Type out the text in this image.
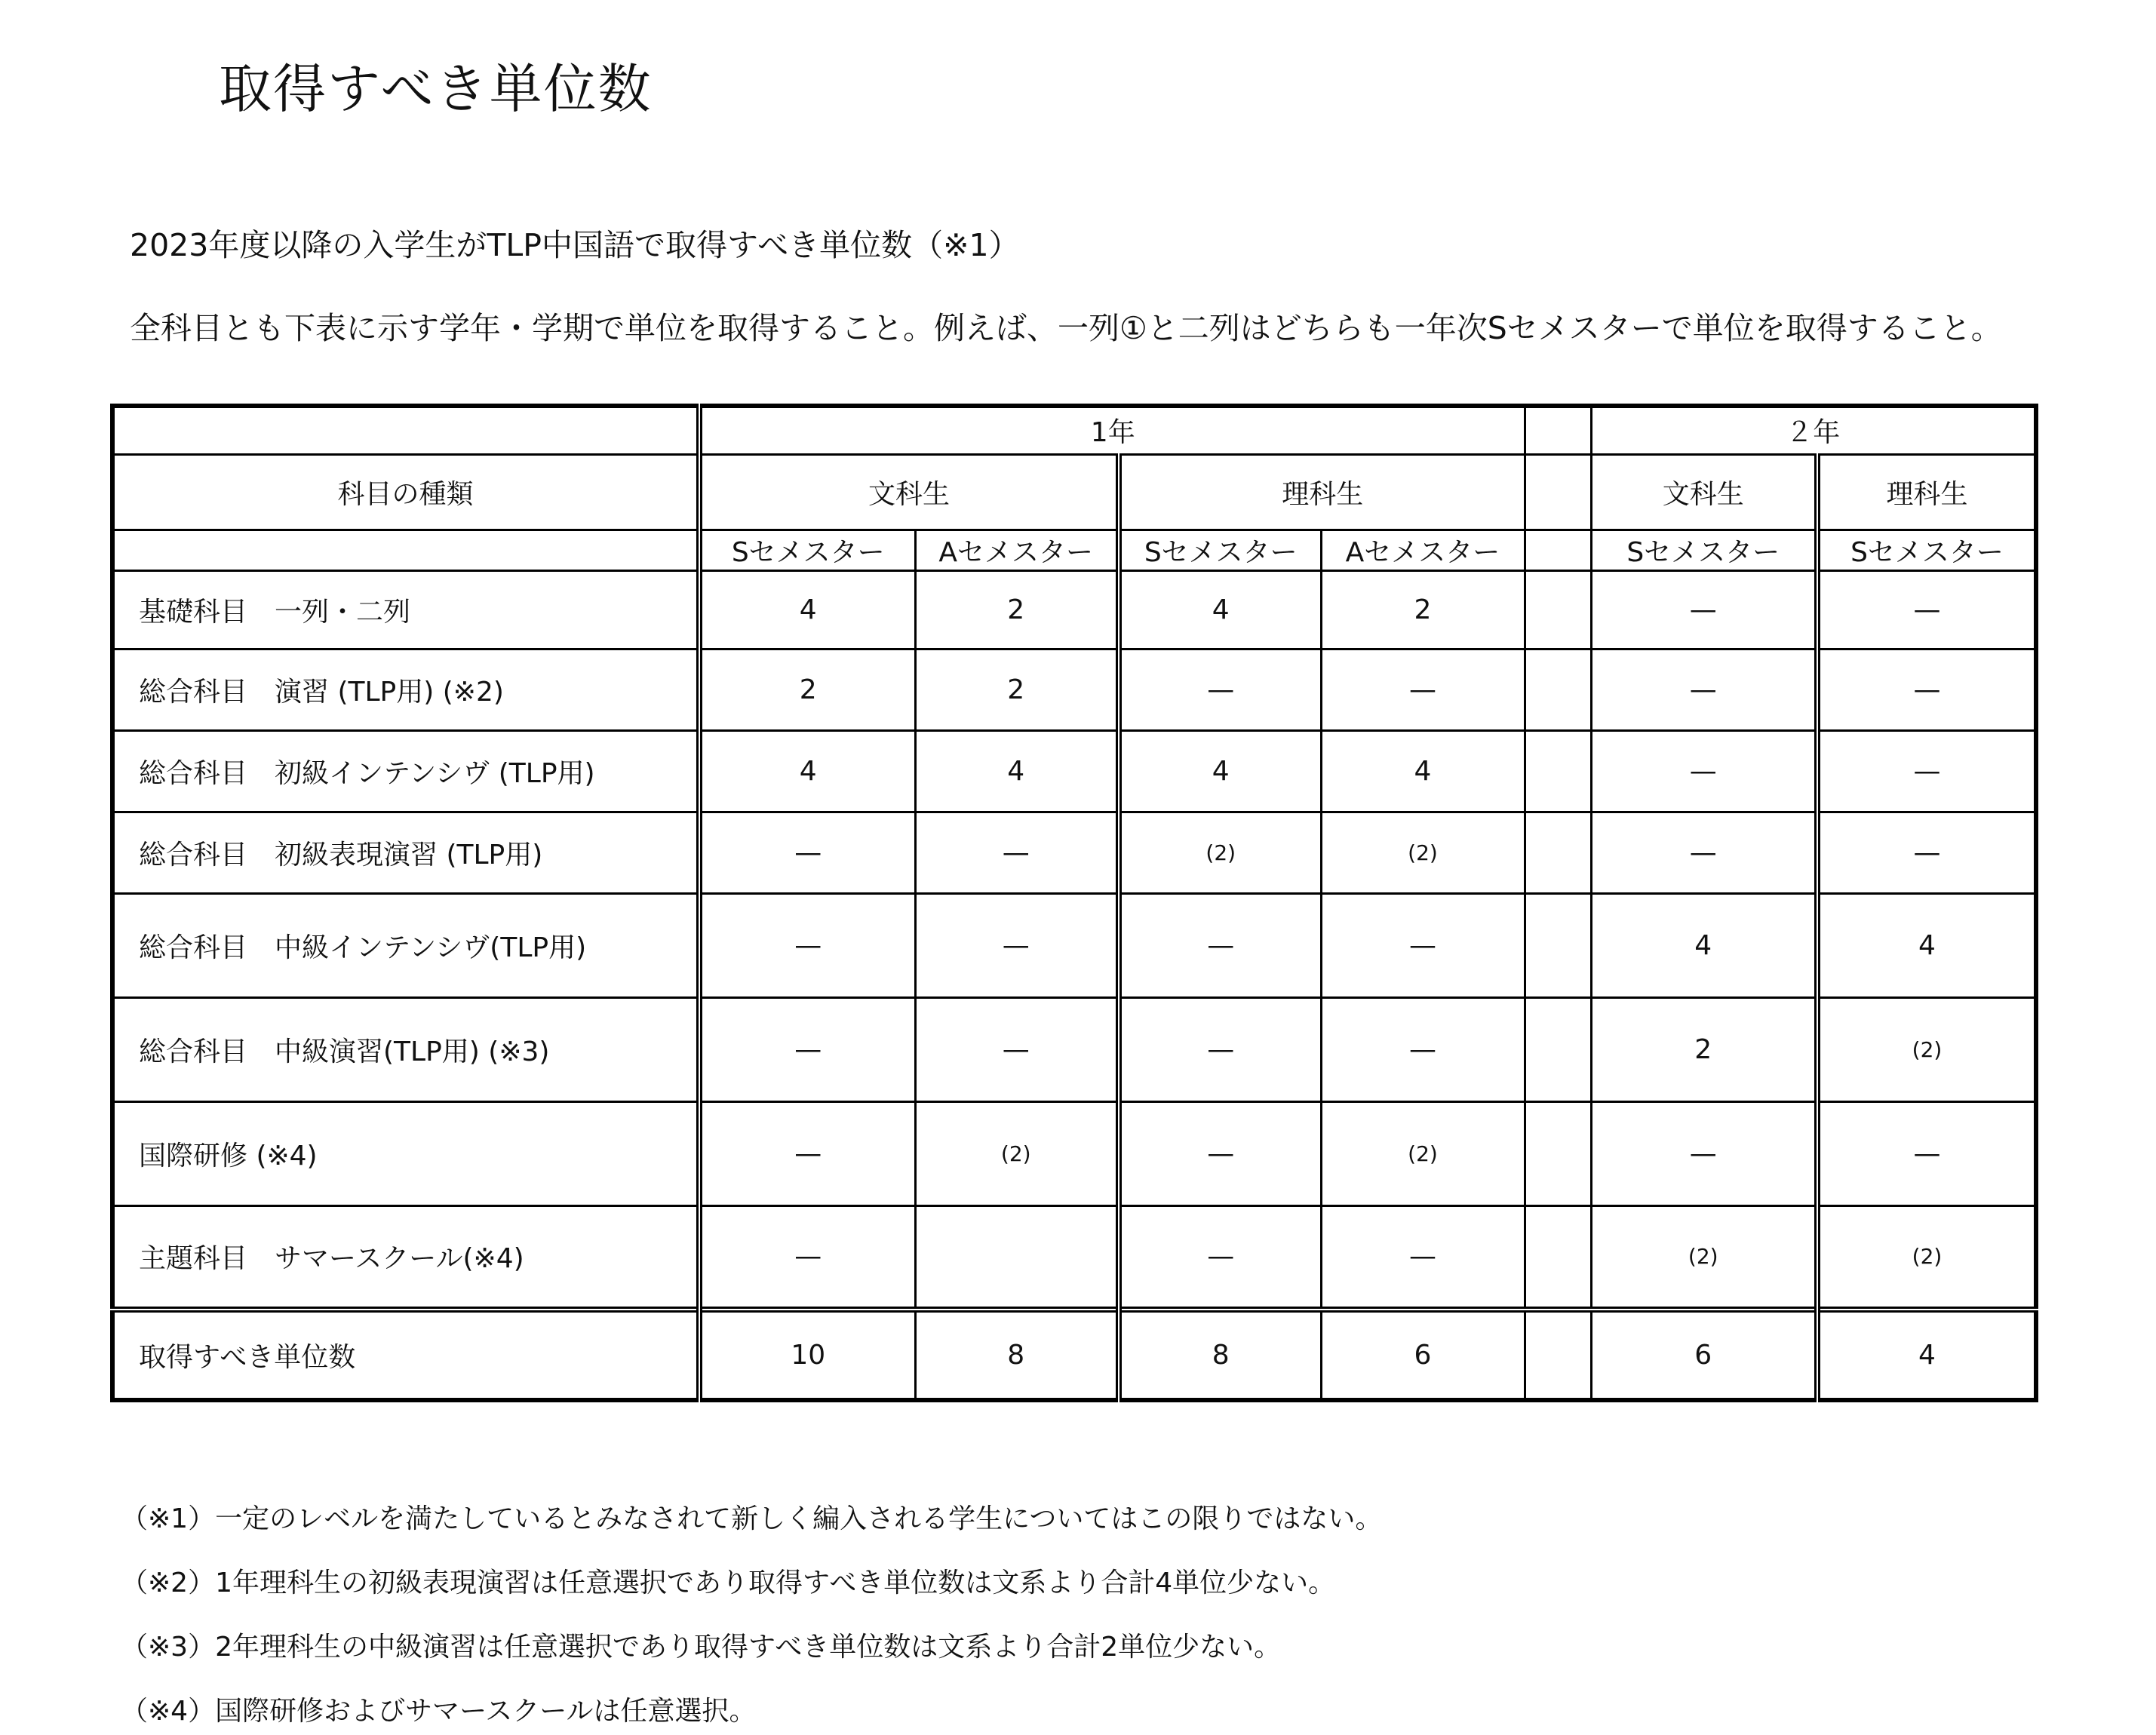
取得すべき単位数
2023年度以降の入学生がTLP中国語で取得すべき単位数（※1）
全科目とも下表に示す学年・学期で単位を取得すること。例えば、一列①と二列はどちらも一年次Sセメスターで単位を取得すること。
	1年					２年	
科目の種類	文科生		理科生			文科生	理科生
	Sセメスター	Aセメスター	Sセメスター	Aセメスター		Sセメスター	Sセメスター
基礎科目　一列・二列	4	2	4	2		—	—
総合科目　演習 (TLP用) (※2)	2	2	—	—		—	—
総合科目　初級インテンシヴ (TLP用)	4	4	4	4		—	—
総合科目　初級表現演習 (TLP用)	—	—	(2)	(2)		—	—
総合科目　中級インテンシヴ(TLP用)	—	—	—	—		4	4
総合科目　中級演習(TLP用) (※3)	—	—	—	—		2	(2)
国際研修 (※4)	—	(2)	—	(2)		—	—
主題科目　サマースクール(※4)	—		—	—		(2)	(2)
取得すべき単位数	10	8	8	6		6	4
（※1）一定のレベルを満たしているとみなされて新しく編入される学生についてはこの限りではない。
（※2）1年理科生の初級表現演習は任意選択であり取得すべき単位数は文系より合計4単位少ない。
（※3）2年理科生の中級演習は任意選択であり取得すべき単位数は文系より合計2単位少ない。
（※4）国際研修およびサマースクールは任意選択。
